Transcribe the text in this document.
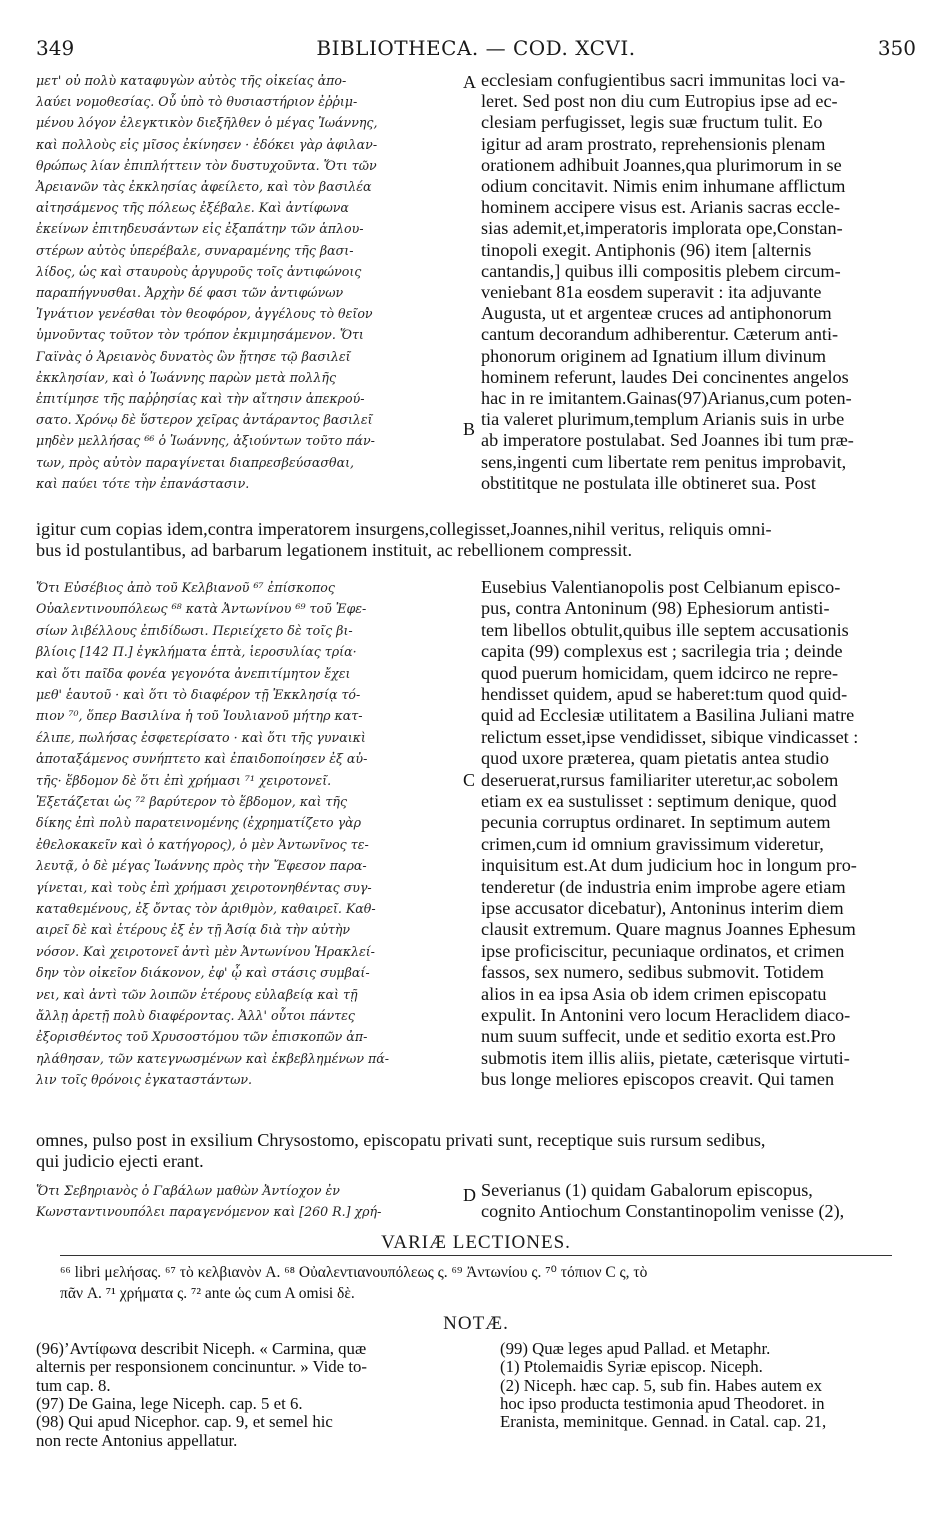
349	BIBLIOTHECA. — COD. XCVI.	350
μετ' οὐ πολὺ καταφυγὼν αὐτὸς τῆς οἰκείας ἀπο-
λαύει νομοθεσίας. Οὗ ὑπὸ τὸ θυσιαστήριον ἐῤῥιμ-
μένου λόγον ἐλεγκτικὸν διεξῆλθεν ὁ μέγας Ἰωάννης,
καὶ πολλοὺς εἰς μῖσος ἐκίνησεν · ἐδόκει γὰρ ἀφιλαν-
θρώπως λίαν ἐπιπλήττειν τὸν δυστυχοῦντα. Ὅτι τῶν
Ἀρειανῶν τὰς ἐκκλησίας ἀφείλετο, καὶ τὸν βασιλέα
αἰτησάμενος τῆς πόλεως ἐξέβαλε. Καὶ ἀντίφωνα
ἐκείνων ἐπιτηδευσάντων εἰς ἐξαπάτην τῶν ἁπλου-
στέρων αὐτὸς ὑπερέβαλε, συναραμένης τῆς βασι-
λίδος, ὡς καὶ σταυροὺς ἀργυροῦς τοῖς ἀντιφώνοις
παραπήγνυσθαι. Ἀρχὴν δέ φασι τῶν ἀντιφώνων
Ἰγνάτιον γενέσθαι τὸν θεοφόρον, ἀγγέλους τὸ θεῖον
ὑμνοῦντας τοῦτον τὸν τρόπον ἐκμιμησάμενον. Ὅτι
Γαϊνὰς ὁ Ἀρειανὸς δυνατὸς ὢν ᾔτησε τῷ βασιλεῖ
ἐκκλησίαν, καὶ ὁ Ἰωάννης παρὼν μετὰ πολλῆς
ἐπιτίμησε τῆς παῤῥησίας καὶ τὴν αἴτησιν ἀπεκρού-
σατο. Χρόνῳ δὲ ὕστερον χεῖρας ἀντάραντος βασιλεῖ
μηδὲν μελλήσας ⁶⁶ ὁ Ἰωάννης, ἀξιούντων τοῦτο πάν-
των, πρὸς αὐτὸν παραγίνεται διαπρεσβεύσασθαι,
καὶ παύει τότε τὴν ἐπανάστασιν.
ecclesiam confugientibus sacri immunitas loci va-
leret. Sed post non diu cum Eutropius ipse ad ec-
clesiam perfugisset, legis suæ fructum tulit. Eo
igitur ad aram prostrato, reprehensionis plenam
orationem adhibuit Joannes,qua plurimorum in se
odium concitavit. Nimis enim inhumane afflictum
hominem accipere visus est. Arianis sacras eccle-
sias ademit,et,imperatoris implorata ope,Constan-
tinopoli exegit. Antiphonis (96) item [alternis
cantandis,] quibus illi compositis plebem circum-
veniebant 81a eosdem superavit : ita adjuvante
Augusta, ut et argenteæ cruces ad antiphonorum
cantum decorandum adhiberentur. Cæterum anti-
phonorum originem ad Ignatium illum divinum
hominem referunt, laudes Dei concinentes angelos
hac in re imitantem.Gainas(97)Arianus,cum poten-
tia valeret plurimum,templum Arianis suis in urbe
ab imperatore postulabat. Sed Joannes ibi tum præ-
sens,ingenti cum libertate rem penitus improbavit,
obstititque ne postulata ille obtineret sua. Post
igitur cum copias idem,contra imperatorem insurgens,collegisset,Joannes,nihil veritus, reliquis omni-
bus id postulantibus, ad barbarum legationem instituit, ac rebellionem compressit.
Ὅτι Εὐσέβιος ἀπὸ τοῦ Κελβιανοῦ ⁶⁷ ἐπίσκοπος
Οὐαλεντινουπόλεως ⁶⁸ κατὰ Ἀντωνίνου ⁶⁹ τοῦ Ἐφε-
σίων λιβέλλους ἐπιδίδωσι. Περιείχετο δὲ τοῖς βι-
βλίοις [142 Π.] ἐγκλήματα ἑπτὰ, ἱεροσυλίας τρία·
καὶ ὅτι παῖδα φονέα γεγονότα ἀνεπιτίμητον ἔχει
μεθ' ἑαυτοῦ · καὶ ὅτι τὸ διαφέρον τῇ Ἐκκλησίᾳ τό-
πιον ⁷⁰, ὅπερ Βασιλίνα ἡ τοῦ Ἰουλιανοῦ μήτηρ κατ-
έλιπε, πωλήσας ἐσφετερίσατο · καὶ ὅτι τῆς γυναικὶ
ἀποταξάμενος συνήπτετο καὶ ἐπαιδοποίησεν ἐξ αὐ-
τῆς· ἕβδομον δὲ ὅτι ἐπὶ χρήμασι ⁷¹ χειροτονεῖ.
Ἐξετάζεται ὡς ⁷² βαρύτερον τὸ ἕβδομον, καὶ τῆς
δίκης ἐπὶ πολὺ παρατεινομένης (ἐχρηματίζετο γὰρ
ἐθελοκακεῖν καὶ ὁ κατήγορος), ὁ μὲν Ἀντωνῖνος τε-
λευτᾷ, ὁ δὲ μέγας Ἰωάννης πρὸς τὴν Ἔφεσον παρα-
γίνεται, καὶ τοὺς ἐπὶ χρήμασι χειροτονηθέντας συγ-
καταθεμένους, ἐξ ὄντας τὸν ἀριθμὸν, καθαιρεῖ. Καθ-
αιρεῖ δὲ καὶ ἑτέρους ἐξ ἐν τῇ Ἀσίᾳ διὰ τὴν αὐτὴν
νόσον. Καὶ χειροτονεῖ ἀντὶ μὲν Ἀντωνίνου Ἡρακλεί-
δην τὸν οἰκεῖον διάκονον, ἐφ' ᾧ καὶ στάσις συμβαί-
νει, καὶ ἀντὶ τῶν λοιπῶν ἑτέρους εὐλαβείᾳ καὶ τῇ
ἄλλῃ ἀρετῇ πολὺ διαφέροντας. Ἀλλ' οὗτοι πάντες
ἐξορισθέντος τοῦ Χρυσοστόμου τῶν ἐπισκοπῶν ἀπ-
ηλάθησαν, τῶν κατεγνωσμένων καὶ ἐκβεβλημένων πά-
λιν τοῖς θρόνοις ἐγκαταστάντων.
Eusebius Valentianopolis post Celbianum episco-
pus, contra Antoninum (98) Ephesiorum antisti-
tem libellos obtulit,quibus ille septem accusationis
capita (99) complexus est ; sacrilegia tria ; deinde
quod puerum homicidam, quem idcirco ne repre-
hendisset quidem, apud se haberet:tum quod quid-
quid ad Ecclesiæ utilitatem a Basilina Juliani matre
relictum esset,ipse vendidisset, sibique vindicasset :
quod uxore præterea, quam pietatis antea studio
deseruerat,rursus familiariter uteretur,ac sobolem
etiam ex ea sustulisset : septimum denique, quod
pecunia corruptus ordinaret. In septimum autem
crimen,cum id omnium gravissimum videretur,
inquisitum est.At dum judicium hoc in longum pro-
tenderetur (de industria enim improbe agere etiam
ipse accusator dicebatur), Antoninus interim diem
clausit extremum. Quare magnus Joannes Ephesum
ipse proficiscitur, pecuniaque ordinatos, et crimen
fassos, sex numero, sedibus submovit. Totidem
alios in ea ipsa Asia ob idem crimen episcopatu
expulit. In Antonini vero locum Heraclidem diaco-
num suum suffecit, unde et seditio exorta est.Pro
submotis item illis aliis, pietate, cæterisque virtuti-
bus longe meliores episcopos creavit. Qui tamen
omnes, pulso post in exsilium Chrysostomo, episcopatu privati sunt, receptique suis rursum sedibus,
qui judicio ejecti erant.
Ὅτι Σεβηριανὸς ὁ Γαβάλων μαθὼν Ἀντίοχον ἐν
Κωνσταντινουπόλει παραγενόμενον καὶ [260 R.] χρή-
Severianus (1) quidam Gabalorum episcopus,
cognito Antiochum Constantinopolim venisse (2),
⁶⁶ libri μελήσας. ⁶⁷ τὸ κελβιανὸν A. ⁶⁸ Οὐαλεντιανουπόλεως ς. ⁶⁹ Ἀντωνίου ς. ⁷⁰ τόπιον C ς, τὸ
πᾶν A. ⁷¹ χρήματα ς. ⁷² ante ὡς cum A omisi δὲ.
(96)’Αντίφωνα describit Niceph. « Carmina, quæ
alternis per responsionem concinuntur. » Vide to-
tum cap. 8.
(97) De Gaina, lege Niceph. cap. 5 et 6.
(98) Qui apud Nicephor. cap. 9, et semel hic
non recte Antonius appellatur.
(99) Quæ leges apud Pallad. et Metaphr.
(1) Ptolemaidis Syriæ episcop. Niceph.
(2) Niceph. hæc cap. 5, sub fin. Habes autem ex
hoc ipso producta testimonia apud Theodoret. in
Eranista, meminitque. Gennad. in Catal. cap. 21,
A
B
C
D
VARIÆ LECTIONES.
NOTÆ.
